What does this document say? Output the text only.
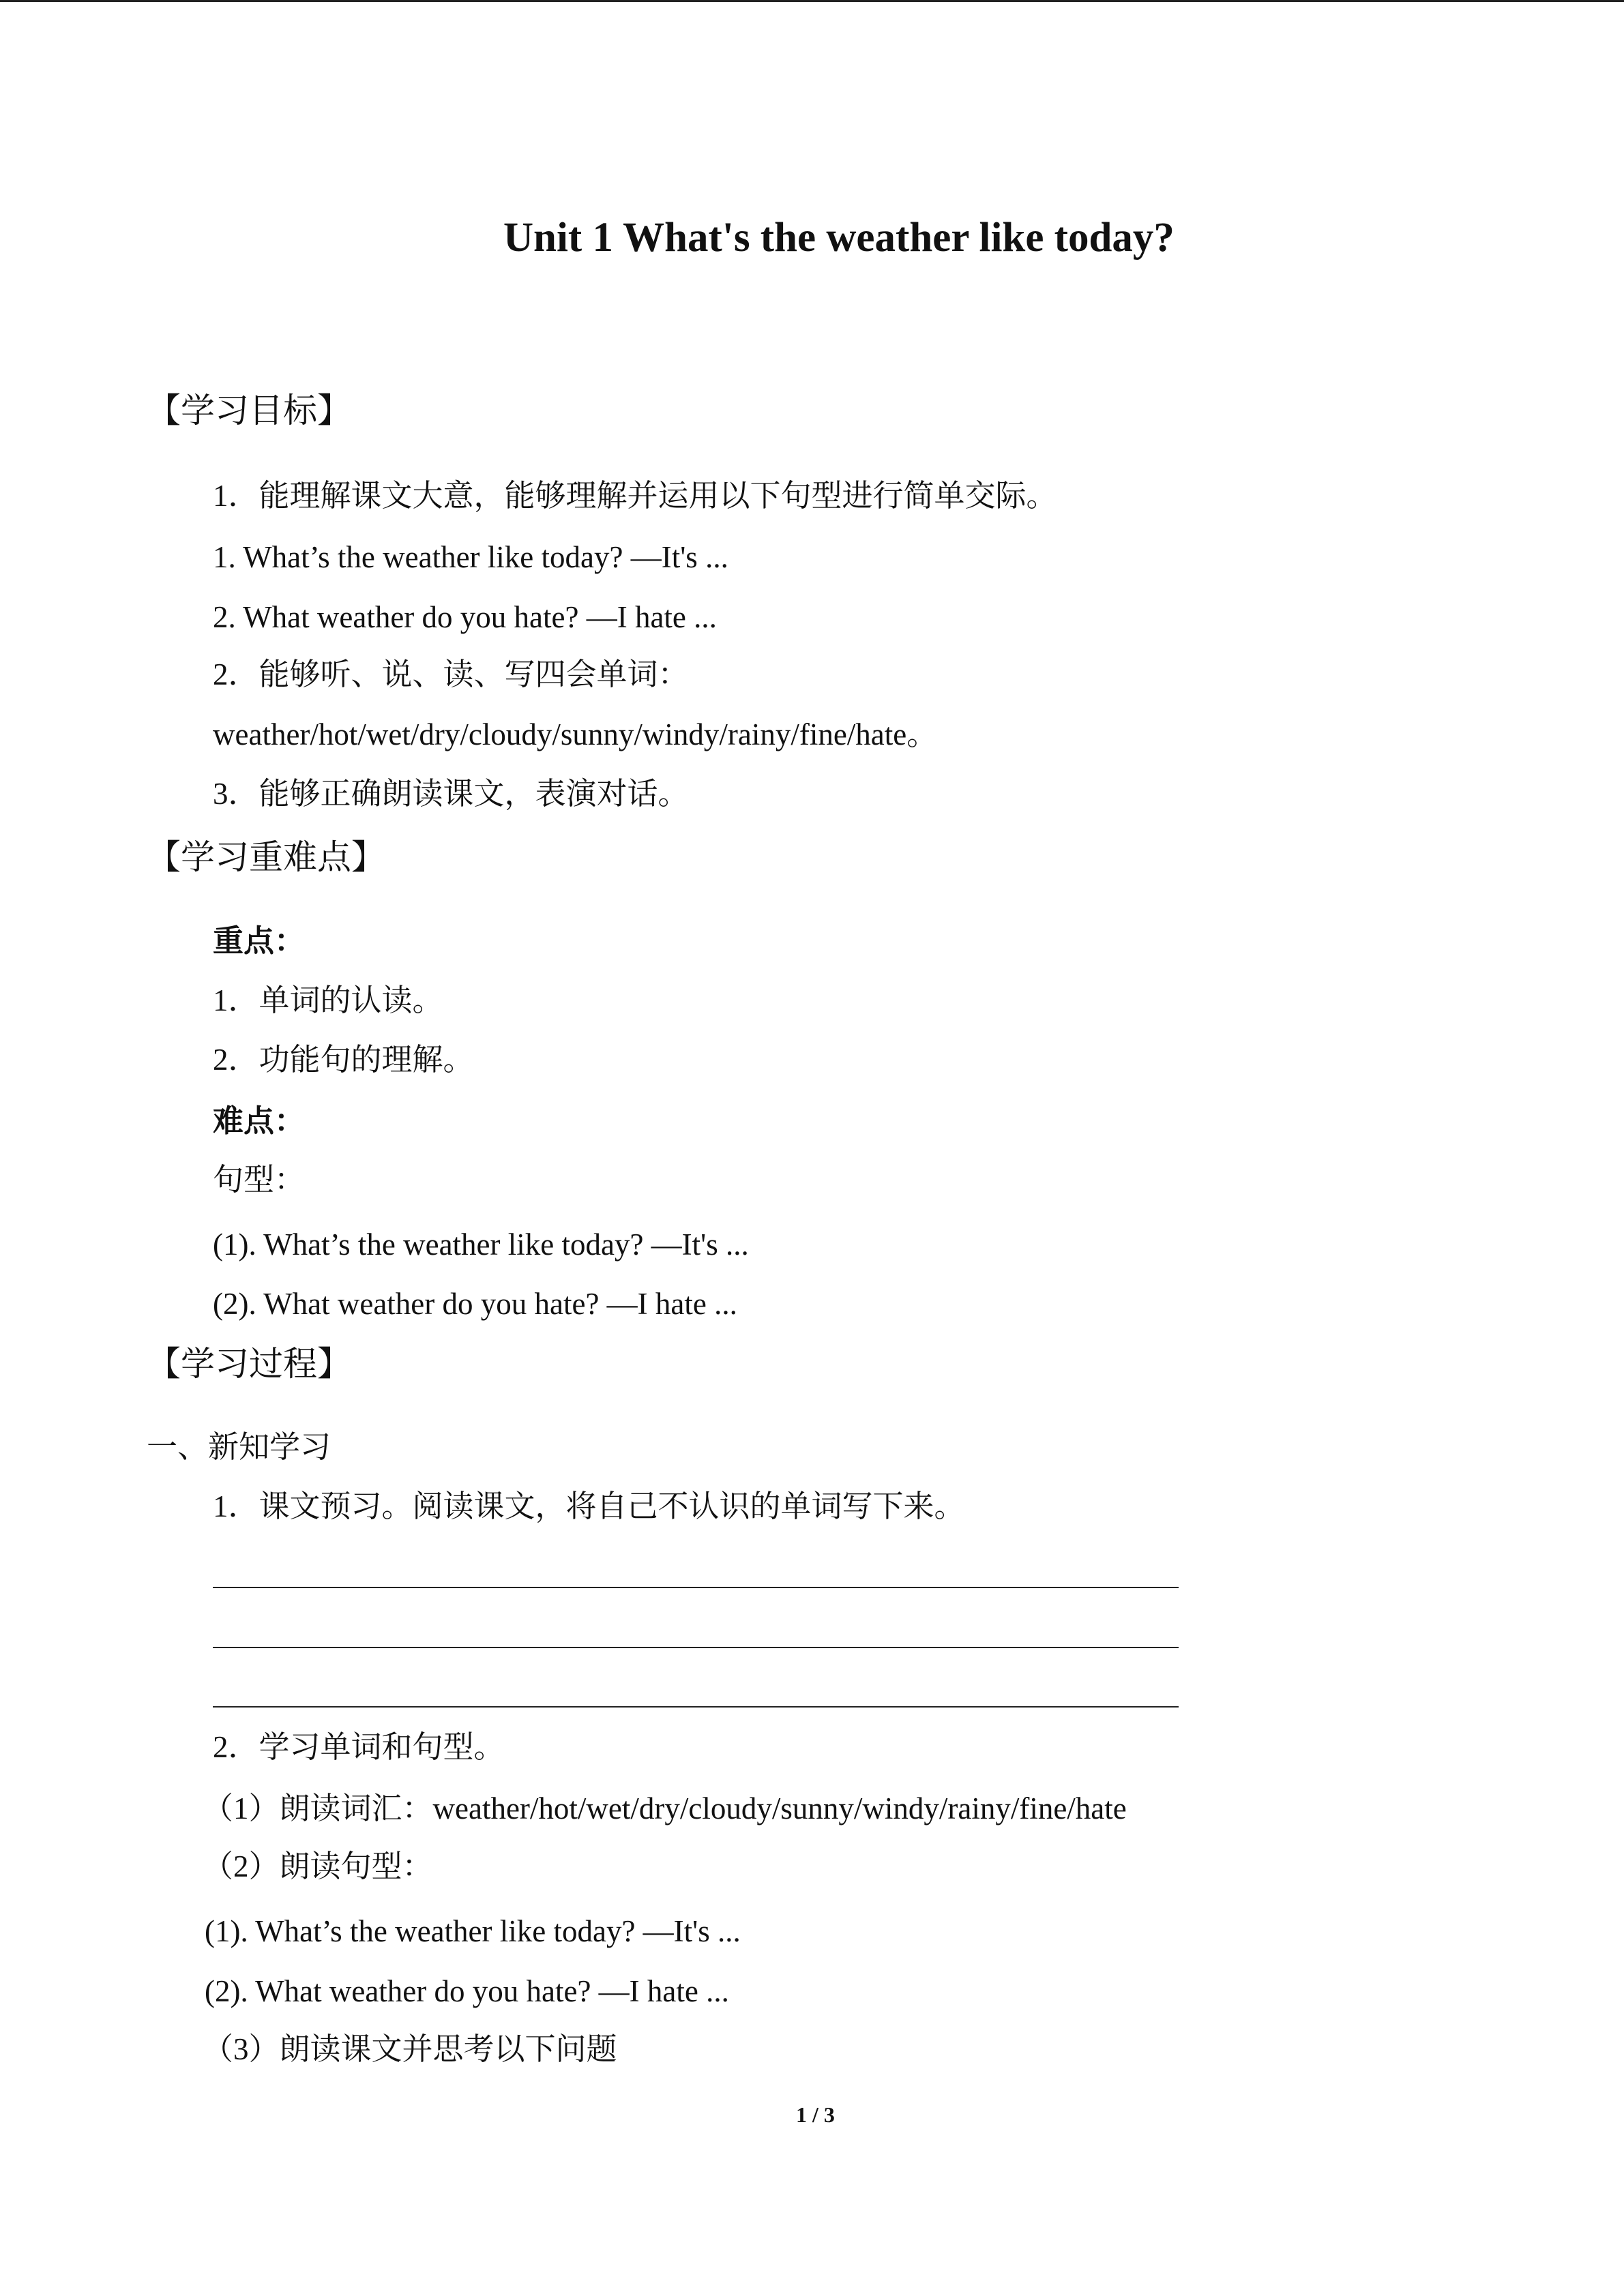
Unit 1 What's the weather like today?
【学习目标】
1．能理解课文大意，能够理解并运用以下句型进行简单交际。
1. What’s the weather like today? —It's ...
2. What weather do you hate? —I hate ...
2．能够听、说、读、写四会单词：
weather/hot/wet/dry/cloudy/sunny/windy/rainy/fine/hate。
3．能够正确朗读课文，表演对话。
【学习重难点】
重点：
1．单词的认读。
2．功能句的理解。
难点：
句型：
(1). What’s the weather like today? —It's ...
(2). What weather do you hate? —I hate ...
【学习过程】
一、新知学习
1．课文预习。阅读课文，将自己不认识的单词写下来。
2．学习单词和句型。
（1）朗读词汇：weather/hot/wet/dry/cloudy/sunny/windy/rainy/fine/hate
（2）朗读句型：
(1). What’s the weather like today? —It's ...
(2). What weather do you hate? —I hate ...
（3）朗读课文并思考以下问题
1 / 3
